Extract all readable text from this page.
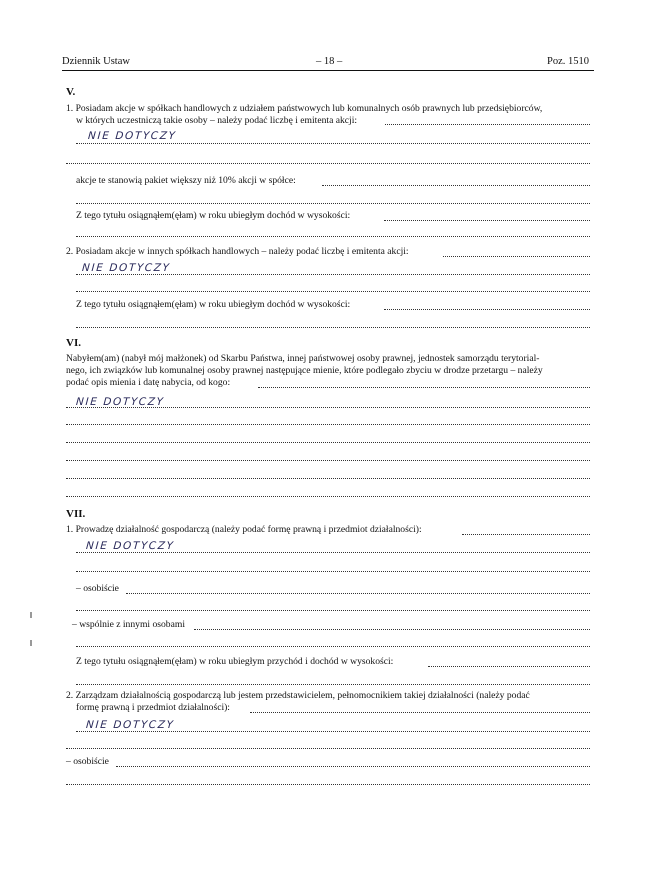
Dziennik Ustaw	– 18 –	Poz. 1510
V.
1. Posiadam akcje w spółkach handlowych z udziałem państwowych lub komunalnych osób prawnych lub przedsiębiorców,
w których uczestniczą takie osoby – należy podać liczbę i emitenta akcji:
NIE DOTYCZY
akcje te stanowią pakiet większy niż 10% akcji w spółce:
Z tego tytułu osiągnąłem(ęłam) w roku ubiegłym dochód w wysokości:
2. Posiadam akcje w innych spółkach handlowych – należy podać liczbę i emitenta akcji:
NIE DOTYCZY
Z tego tytułu osiągnąłem(ęłam) w roku ubiegłym dochód w wysokości:
VI.
Nabyłem(am) (nabył mój małżonek) od Skarbu Państwa, innej państwowej osoby prawnej, jednostek samorządu terytorial-
nego, ich związków lub komunalnej osoby prawnej następujące mienie, które podlegało zbyciu w drodze przetargu – należy
podać opis mienia i datę nabycia, od kogo:
NIE DOTYCZY
VII.
1. Prowadzę działalność gospodarczą (należy podać formę prawną i przedmiot działalności):
NIE DOTYCZY
– osobiście
– wspólnie z innymi osobami
Z tego tytułu osiągnąłem(ęłam) w roku ubiegłym przychód i dochód w wysokości:
2. Zarządzam działalnością gospodarczą lub jestem przedstawicielem, pełnomocnikiem takiej działalności (należy podać
formę prawną i przedmiot działalności):
NIE DOTYCZY
– osobiście
